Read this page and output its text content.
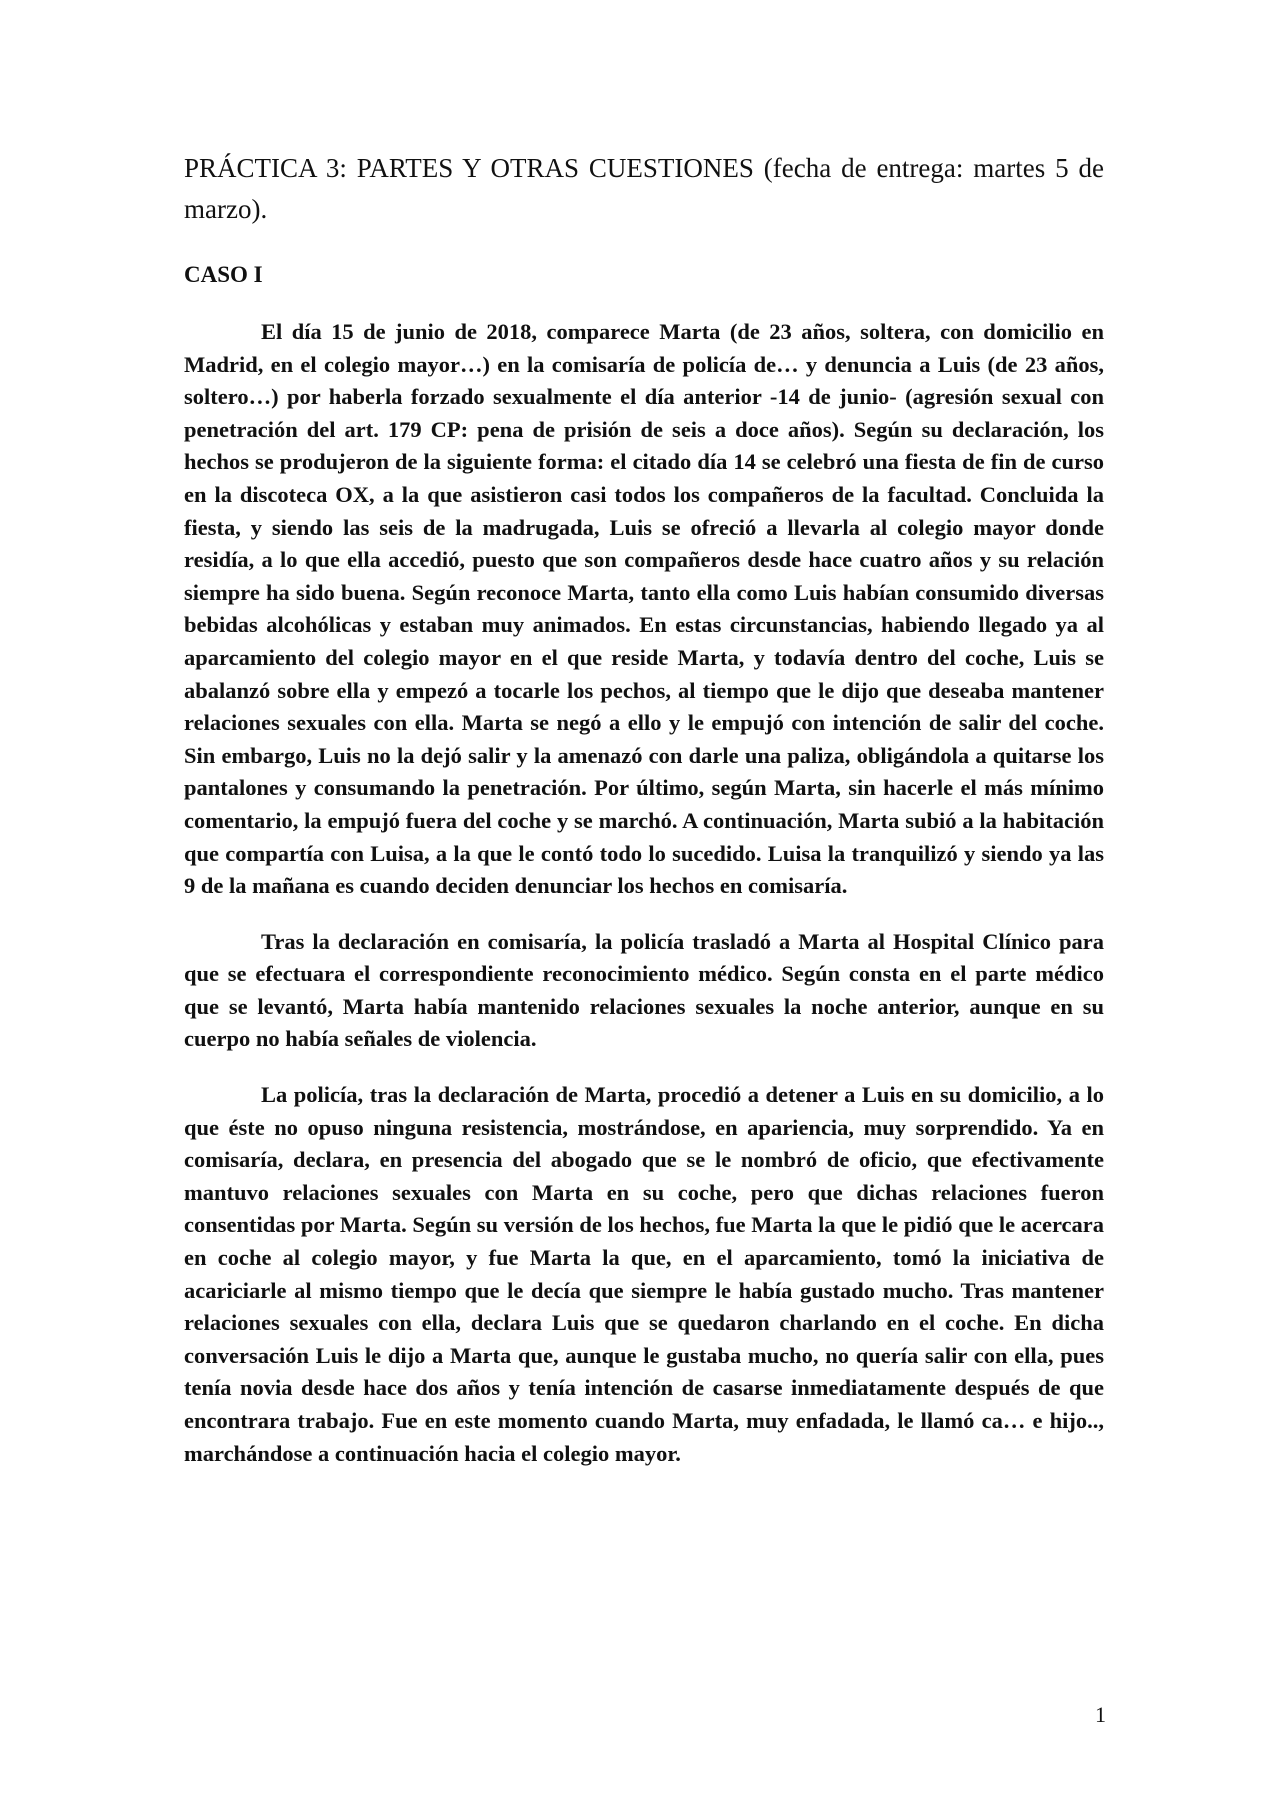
PRÁCTICA 3: PARTES Y OTRAS CUESTIONES (fecha de entrega: martes 5 de marzo).
CASO I

El día 15 de junio de 2018, comparece Marta (de 23 años, soltera, con domicilio en Madrid, en el colegio mayor…) en la comisaría de policía de… y denuncia a Luis (de 23 años, soltero…) por haberla forzado sexualmente el día anterior -14 de junio- (agresión sexual con penetración del art. 179 CP: pena de prisión de seis a doce años). Según su declaración, los hechos se produjeron de la siguiente forma: el citado día 14 se celebró una fiesta de fin de curso en la discoteca OX, a la que asistieron casi todos los compañeros de la facultad. Concluida la fiesta, y siendo las seis de la madrugada, Luis se ofreció a llevarla al colegio mayor donde residía, a lo que ella accedió, puesto que son compañeros desde hace cuatro años y su relación siempre ha sido buena. Según reconoce Marta, tanto ella como Luis habían consumido diversas bebidas alcohólicas y estaban muy animados. En estas circunstancias, habiendo llegado ya al aparcamiento del colegio mayor en el que reside Marta, y todavía dentro del coche, Luis se abalanzó sobre ella y empezó a tocarle los pechos, al tiempo que le dijo que deseaba mantener relaciones sexuales con ella. Marta se negó a ello y le empujó con intención de salir del coche. Sin embargo, Luis no la dejó salir y la amenazó con darle una paliza, obligándola a quitarse los pantalones y consumando la penetración. Por último, según Marta, sin hacerle el más mínimo comentario, la empujó fuera del coche y se marchó. A continuación, Marta subió a la habitación que compartía con Luisa, a la que le contó todo lo sucedido. Luisa la tranquilizó y siendo ya las 9 de la mañana es cuando deciden denunciar los hechos en comisaría.

Tras la declaración en comisaría, la policía trasladó a Marta al Hospital Clínico para que se efectuara el correspondiente reconocimiento médico. Según consta en el parte médico que se levantó, Marta había mantenido relaciones sexuales la noche anterior, aunque en su cuerpo no había señales de violencia.

La policía, tras la declaración de Marta, procedió a detener a Luis en su domicilio, a lo que éste no opuso ninguna resistencia, mostrándose, en apariencia, muy sorprendido. Ya en comisaría, declara, en presencia del abogado que se le nombró de oficio, que efectivamente mantuvo relaciones sexuales con Marta en su coche, pero que dichas relaciones fueron consentidas por Marta. Según su versión de los hechos, fue Marta la que le pidió que le acercara en coche al colegio mayor, y fue Marta la que, en el aparcamiento, tomó la iniciativa de acariciarle al mismo tiempo que le decía que siempre le había gustado mucho. Tras mantener relaciones sexuales con ella, declara Luis que se quedaron charlando en el coche. En dicha conversación Luis le dijo a Marta que, aunque le gustaba mucho, no quería salir con ella, pues tenía novia desde hace dos años y tenía intención de casarse inmediatamente después de que encontrara trabajo. Fue en este momento cuando Marta, muy enfadada, le llamó ca… e hijo.., marchándose a continuación hacia el colegio mayor.

1
